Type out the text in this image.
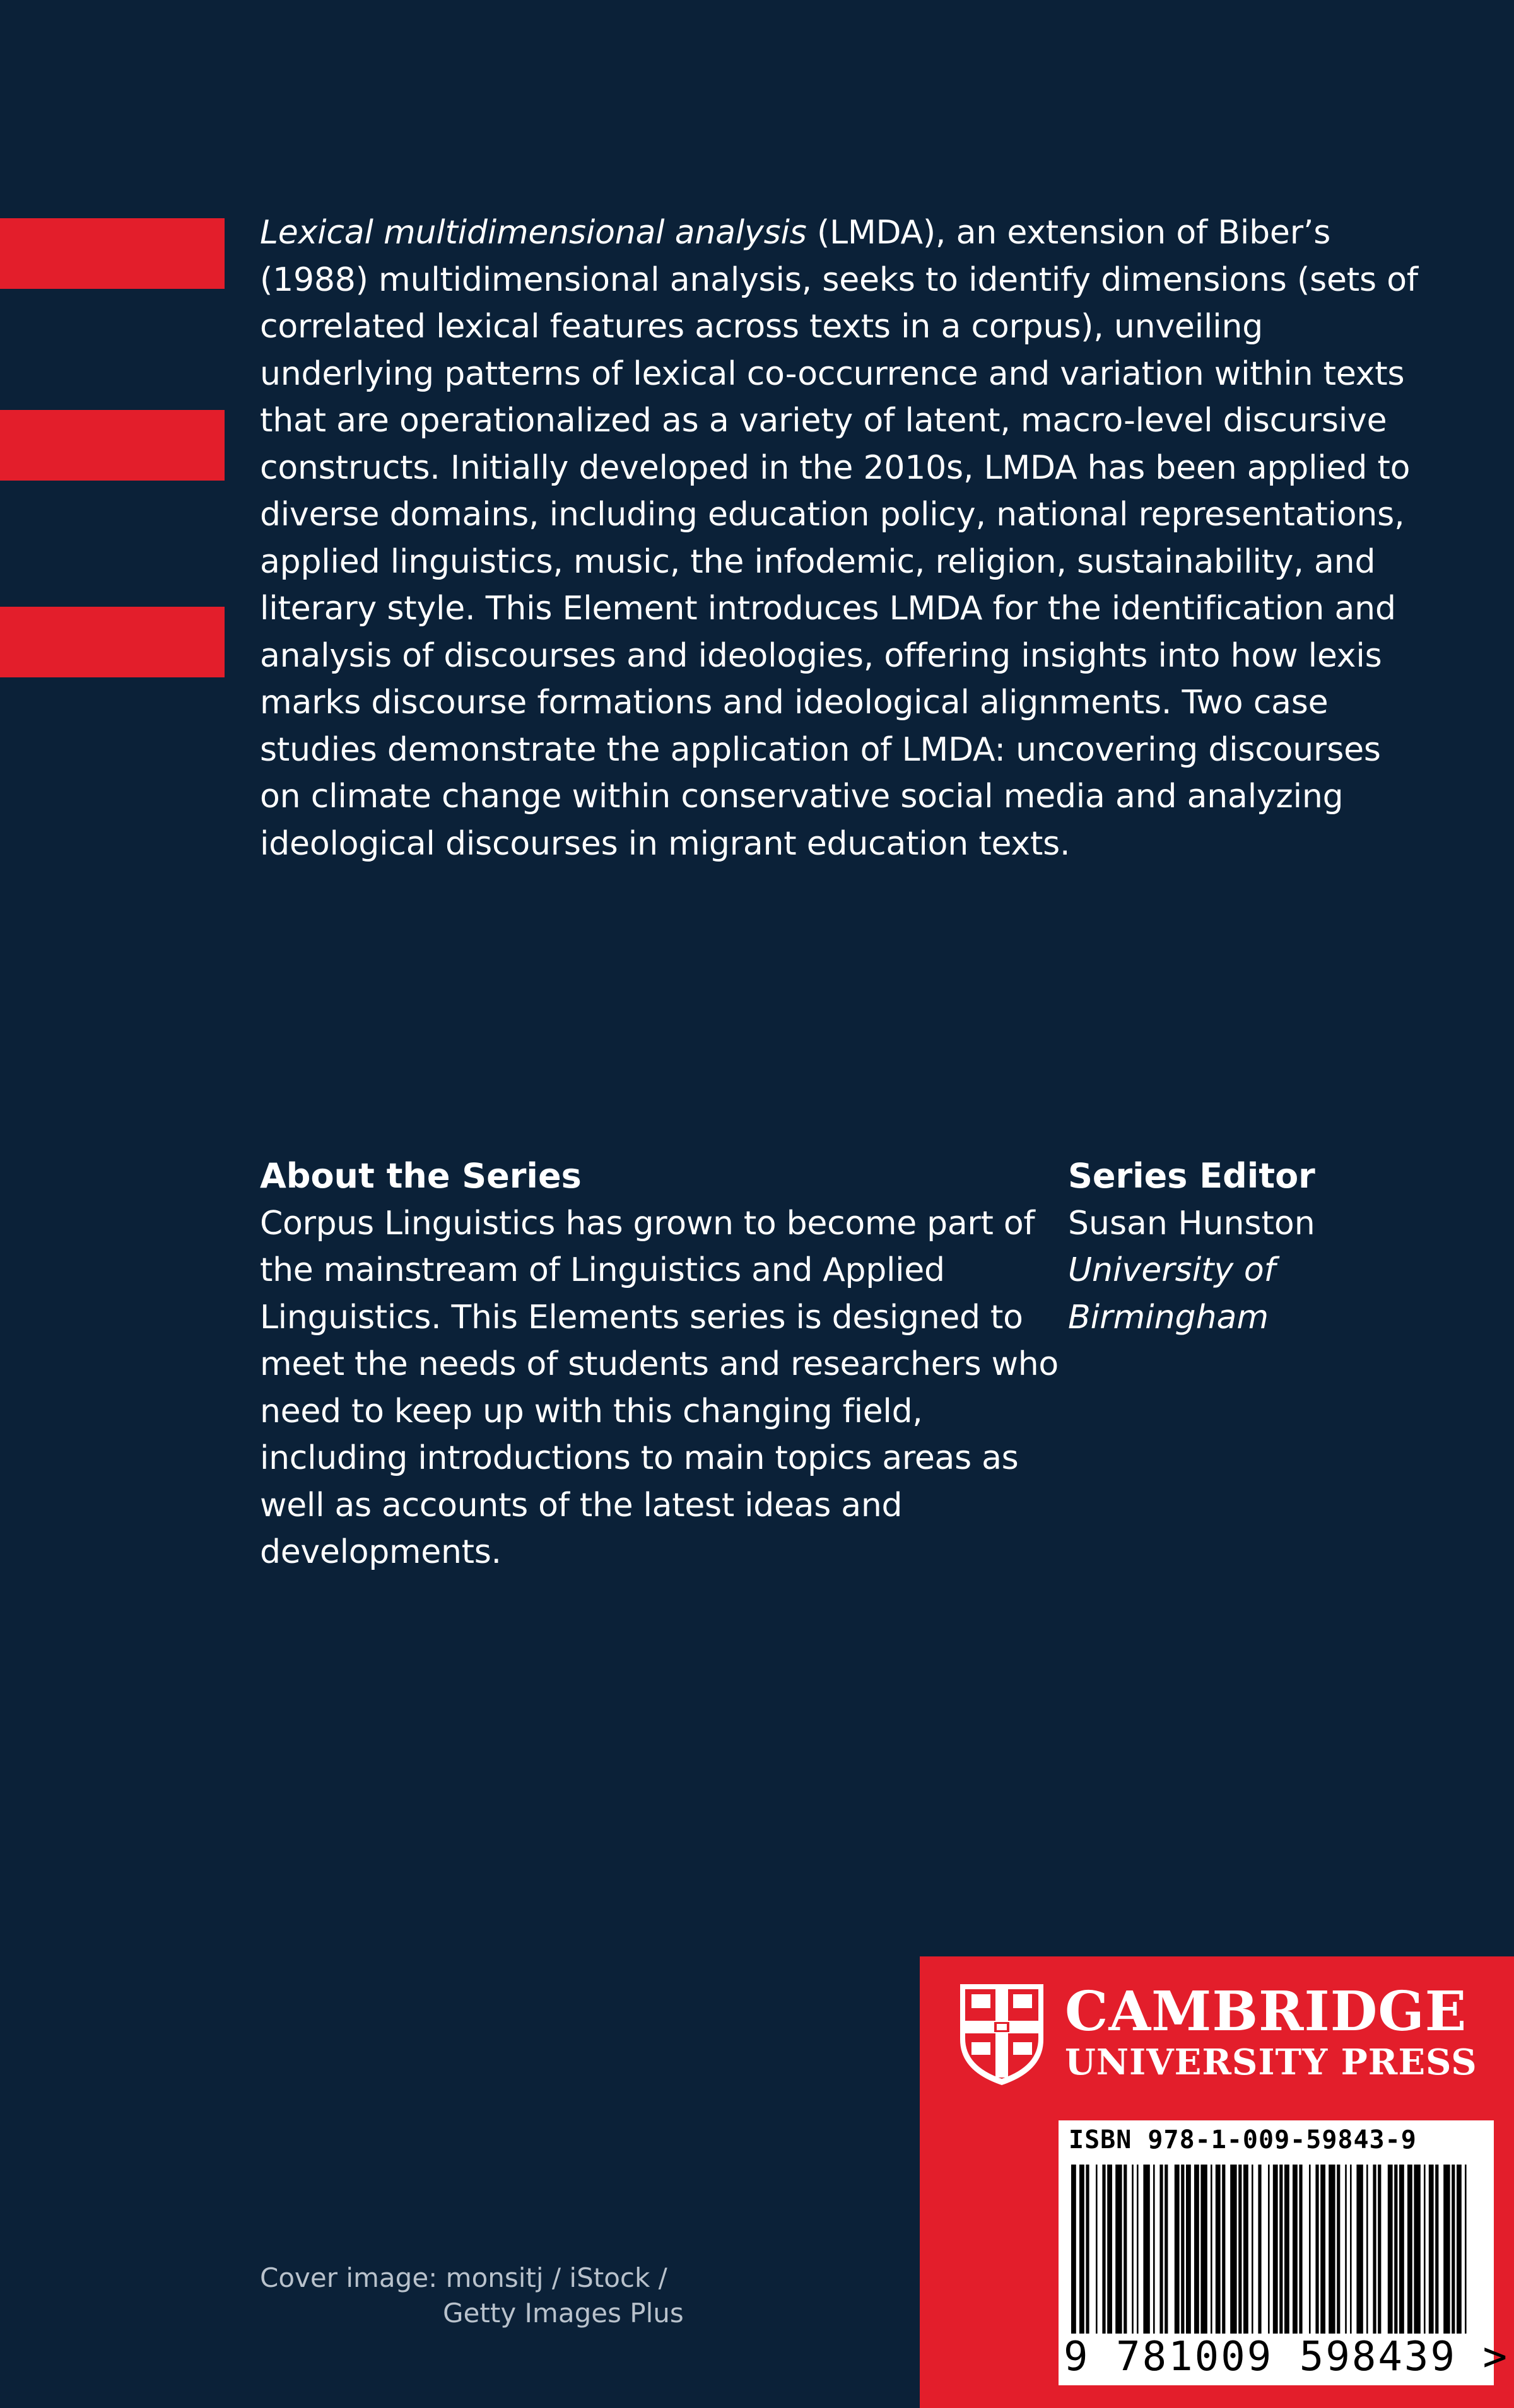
Lexical multidimensional analysis (LMDA), an extension of Biber’s (1988) multidimensional analysis, seeks to identify dimensions (sets of correlated lexical features across texts in a corpus), unveiling underlying patterns of lexical co-occurrence and variation within texts that are operationalized as a variety of latent, macro-level discursive constructs. Initially developed in the 2010s, LMDA has been applied to diverse domains, including education policy, national representations, applied linguistics, music, the infodemic, religion, sustainability, and literary style. This Element introduces LMDA for the identification and analysis of discourses and ideologies, offering insights into how lexis marks discourse formations and ideological alignments. Two case studies demonstrate the application of LMDA: uncovering discourses on climate change within conservative social media and analyzing ideological discourses in migrant education texts.

About the Series

Corpus Linguistics has grown to become part of the mainstream of Linguistics and Applied Linguistics. This Elements series is designed to meet the needs of students and researchers who need to keep up with this changing field, including introductions to main topics areas as well as accounts of the latest ideas and developments.

Series Editor

Susan Hunston

University of

Birmingham

Cover image: monsitj / iStock /
Getty Images Plus

CAMBRIDGE
UNIVERSITY PRESS

ISBN 978-1-009-59843-9

9 781009 598439 >
